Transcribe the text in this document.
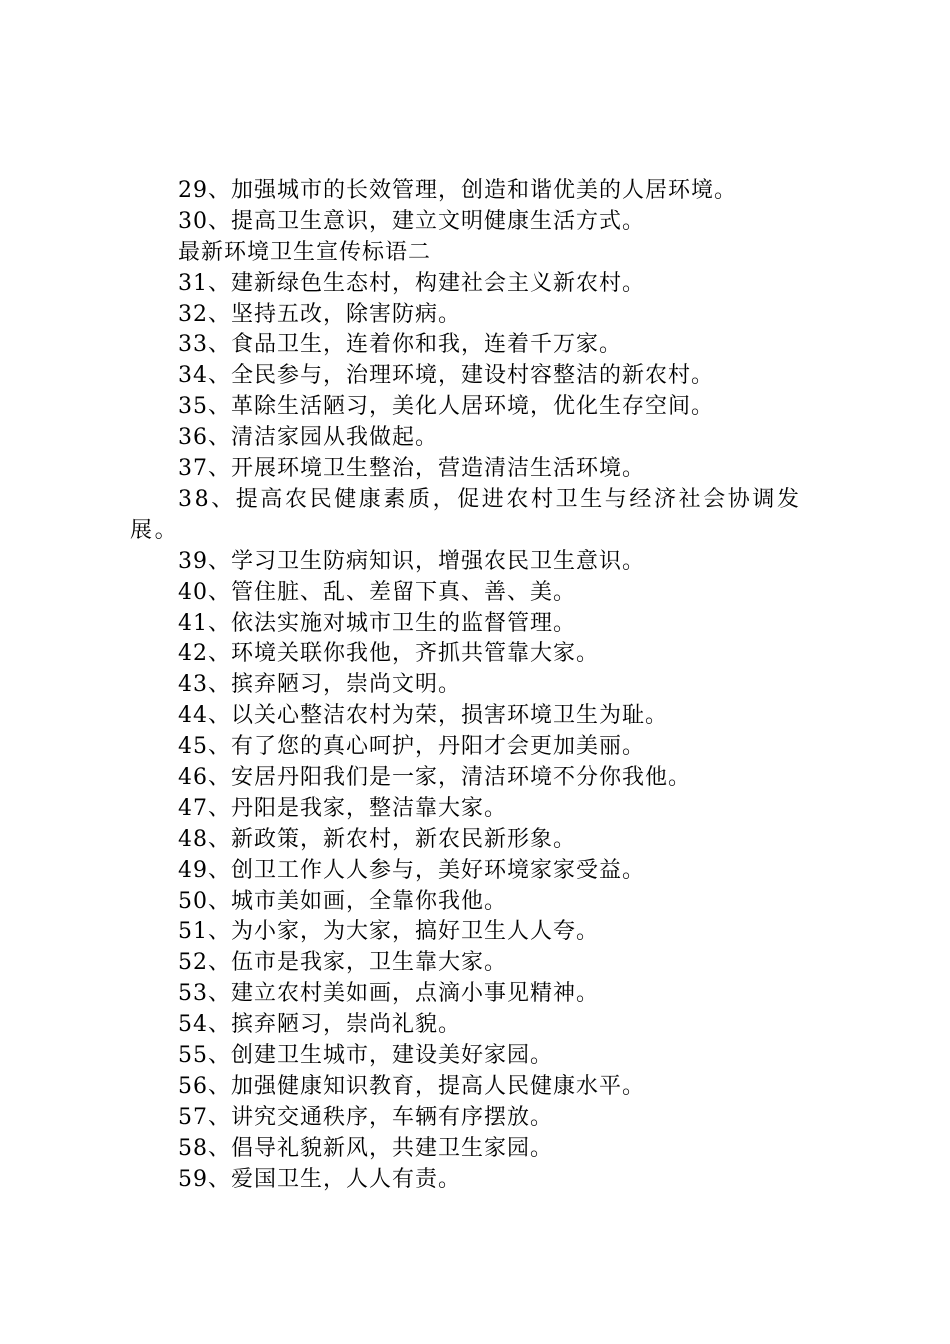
29、加强城市的长效管理，创造和谐优美的人居环境。
30、提高卫生意识，建立文明健康生活方式。
最新环境卫生宣传标语二
31、建新绿色生态村，构建社会主义新农村。
32、坚持五改，除害防病。
33、食品卫生，连着你和我，连着千万家。
34、全民参与，治理环境，建设村容整洁的新农村。
35、革除生活陋习，美化人居环境，优化生存空间。
36、清洁家园从我做起。
37、开展环境卫生整治，营造清洁生活环境。
38、提高农民健康素质，促进农村卫生与经济社会协调发展。
39、学习卫生防病知识，增强农民卫生意识。
40、管住脏、乱、差留下真、善、美。
41、依法实施对城市卫生的监督管理。
42、环境关联你我他，齐抓共管靠大家。
43、摈弃陋习，崇尚文明。
44、以关心整洁农村为荣，损害环境卫生为耻。
45、有了您的真心呵护，丹阳才会更加美丽。
46、安居丹阳我们是一家，清洁环境不分你我他。
47、丹阳是我家，整洁靠大家。
48、新政策，新农村，新农民新形象。
49、创卫工作人人参与，美好环境家家受益。
50、城市美如画，全靠你我他。
51、为小家，为大家，搞好卫生人人夸。
52、伍市是我家，卫生靠大家。
53、建立农村美如画，点滴小事见精神。
54、摈弃陋习，崇尚礼貌。
55、创建卫生城市，建设美好家园。
56、加强健康知识教育，提高人民健康水平。
57、讲究交通秩序，车辆有序摆放。
58、倡导礼貌新风，共建卫生家园。
59、爱国卫生，人人有责。
